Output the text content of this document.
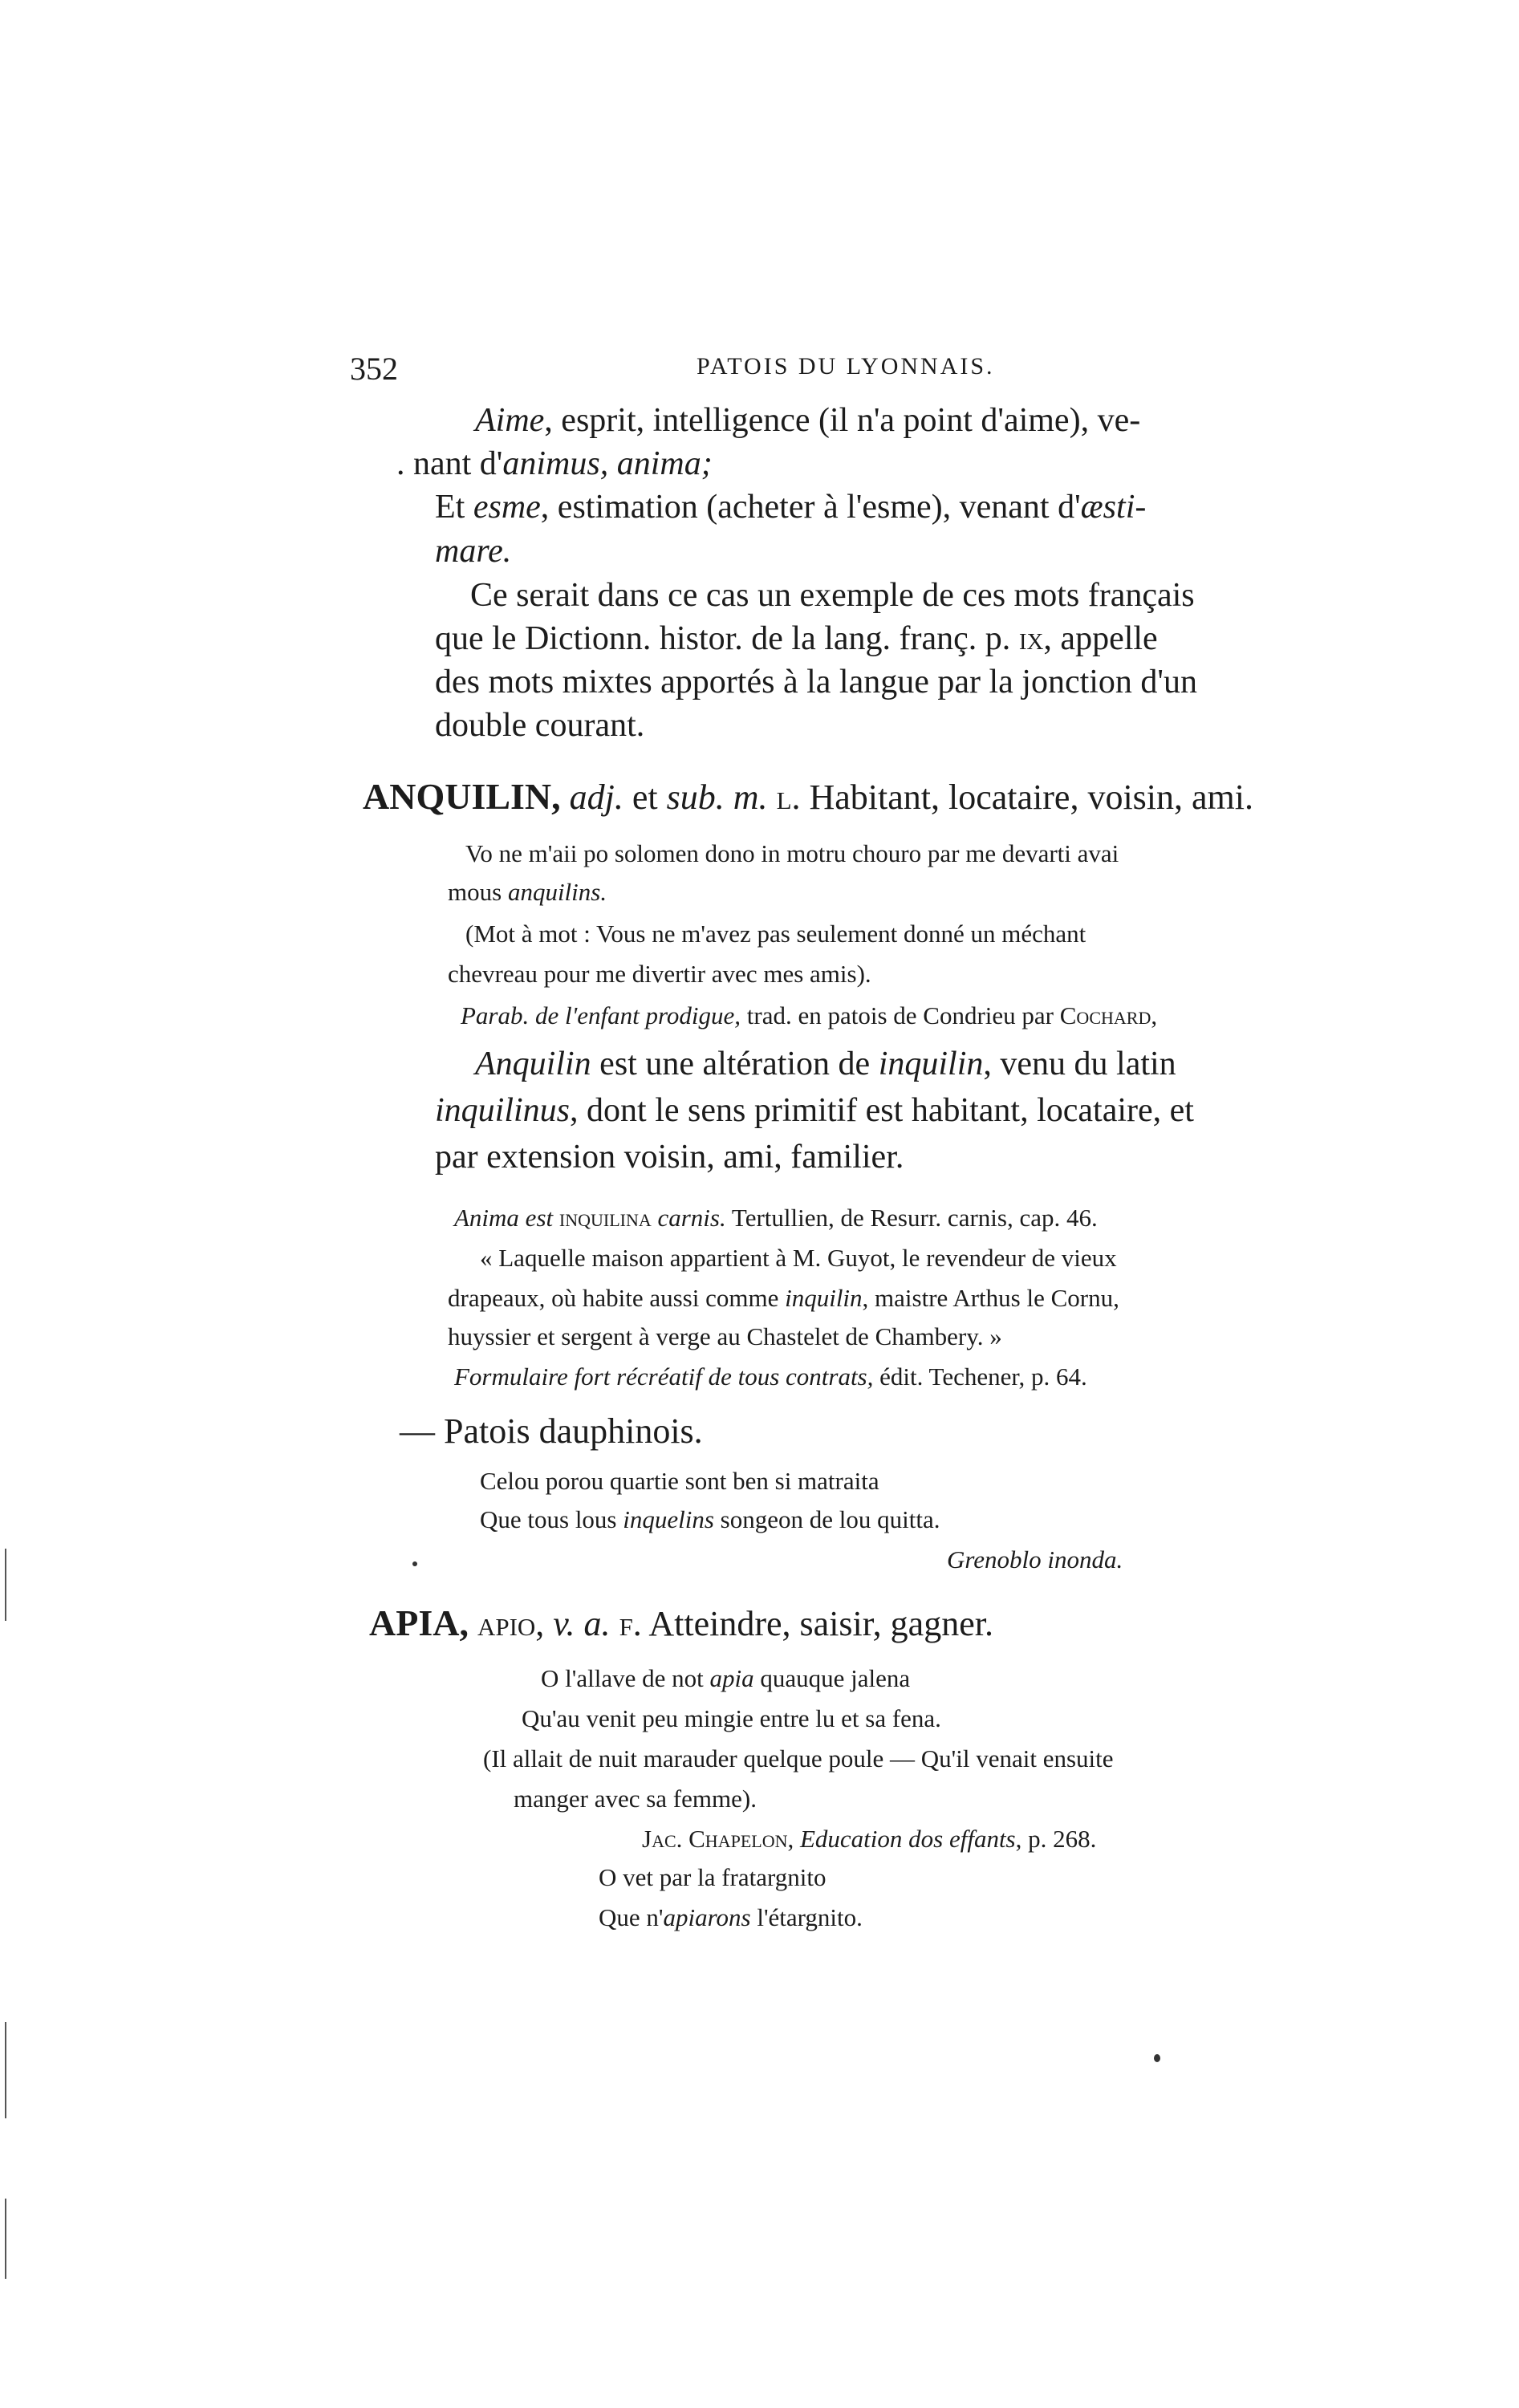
352	PATOIS DU LYONNAIS.
Aime, esprit, intelligence (il n'a point d'aime), ve-
. nant d'animus, anima;
Et esme, estimation (acheter à l'esme), venant d'æsti-
mare.
Ce serait dans ce cas un exemple de ces mots français
que le Dictionn. histor. de la lang. franç. p. ix, appelle
des mots mixtes apportés à la langue par la jonction d'un
double courant.
ANQUILIN, adj. et sub. m. l. Habitant, locataire, voisin, ami.
Vo ne m'aii po solomen dono in motru chouro par me devarti avai
mous anquilins.
(Mot à mot : Vous ne m'avez pas seulement donné un méchant
chevreau pour me divertir avec mes amis).
Parab. de l'enfant prodigue, trad. en patois de Condrieu par Cochard,
Anquilin est une altération de inquilin, venu du latin
inquilinus, dont le sens primitif est habitant, locataire, et
par extension voisin, ami, familier.
Anima est inquilina carnis. Tertullien, de Resurr. carnis, cap. 46.
« Laquelle maison appartient à M. Guyot, le revendeur de vieux
drapeaux, où habite aussi comme inquilin, maistre Arthus le Cornu,
huyssier et sergent à verge au Chastelet de Chambery. »
Formulaire fort récréatif de tous contrats, édit. Techener, p. 64.
— Patois dauphinois.
Celou porou quartie sont ben si matraita
Que tous lous inquelins songeon de lou quitta.
Grenoblo inonda.
APIA, apio, v. a. f. Atteindre, saisir, gagner.
O l'allave de not apia quauque jalena
Qu'au venit peu mingie entre lu et sa fena.
(Il allait de nuit marauder quelque poule — Qu'il venait ensuite
manger avec sa femme).
Jac. Chapelon, Education dos effants, p. 268.
O vet par la fratargnito
Que n'apiarons l'étargnito.
